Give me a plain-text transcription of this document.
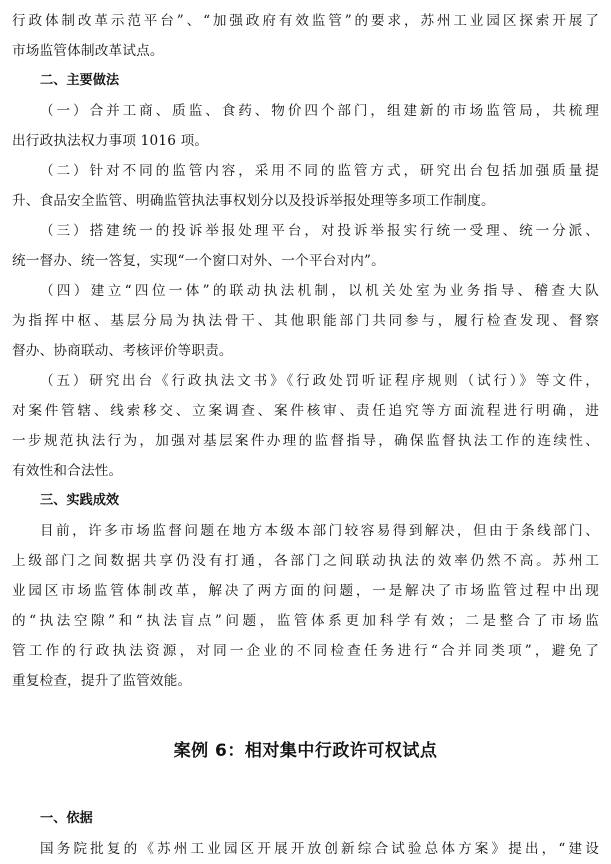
行政体制改革示范平台”、“加强政府有效监管”的要求，苏州工业园区探索开展了
市场监管体制改革试点。
二、主要做法
（一）合并工商、质监、食药、物价四个部门，组建新的市场监管局，共梳理
出行政执法权力事项 1016 项。
（二）针对不同的监管内容，采用不同的监管方式，研究出台包括加强质量提
升、食品安全监管、明确监管执法事权划分以及投诉举报处理等多项工作制度。
（三）搭建统一的投诉举报处理平台，对投诉举报实行统一受理、统一分派、
统一督办、统一答复，实现“一个窗口对外、一个平台对内”。
（四）建立“四位一体”的联动执法机制，以机关处室为业务指导、稽查大队
为指挥中枢、基层分局为执法骨干、其他职能部门共同参与，履行检查发现、督察
督办、协商联动、考核评价等职责。
（五）研究出台《行政执法文书》《行政处罚听证程序规则（试行）》等文件，
对案件管辖、线索移交、立案调查、案件核审、责任追究等方面流程进行明确，进
一步规范执法行为，加强对基层案件办理的监督指导，确保监督执法工作的连续性、
有效性和合法性。
三、实践成效
目前，许多市场监督问题在地方本级本部门较容易得到解决，但由于条线部门、
上级部门之间数据共享仍没有打通，各部门之间联动执法的效率仍然不高。苏州工
业园区市场监管体制改革，解决了两方面的问题，一是解决了市场监管过程中出现
的“执法空隙”和“执法盲点”问题，监管体系更加科学有效；二是整合了市场监
管工作的行政执法资源，对同一企业的不同检查任务进行“合并同类项”，避免了
重复检查，提升了监管效能。
案例 6：相对集中行政许可权试点
一、依据
国务院批复的《苏州工业园区开展开放创新综合试验总体方案》提出，“建设
